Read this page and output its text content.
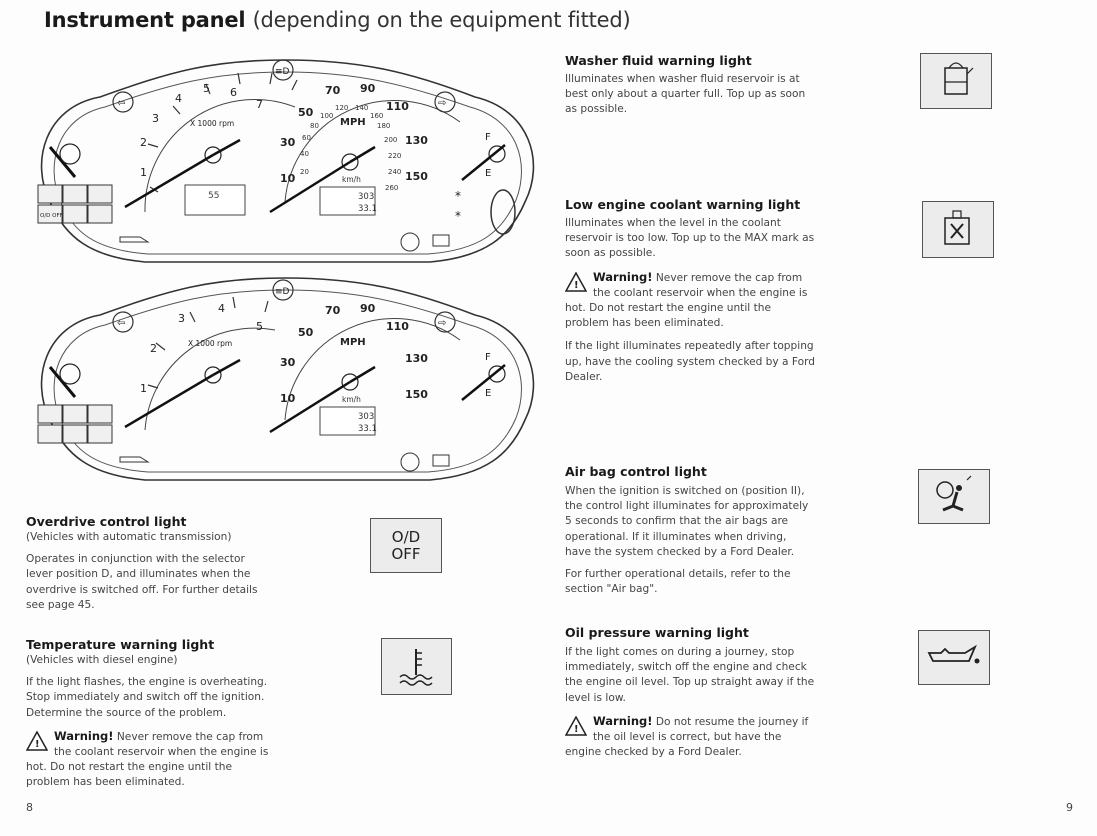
Instrument panel (depending on the equipment fitted)
1
2
3
4
5 6
7
X 1000 rpm
55
50
70 90
110
130
150
30
10 20
40
60
80
100
120 140
160
180
200
220
240
260
MPH
km/h
303
33.1
≡D
⇦	⇨
F
E
O/D OFF
*
*
1
2
3
4
5
X 1000 rpm
50
70 90
110
130
150
30
10
MPH
km/h
303
33.1
≡D
⇦	⇨
F
E
Overdrive control light

(Vehicles with automatic transmission)

Operates in conjunction with the selector lever position D, and illuminates when the overdrive is switched off. For further details see page 45.

O/D
OFF
Temperature warning light

(Vehicles with diesel engine)

If the light flashes, the engine is overheating. Stop immediately and switch off the ignition. Determine the source of the problem.

!
Warning! Never remove the cap from the coolant reservoir when the engine is hot. Do not restart the engine until the problem has been eliminated.
Washer fluid warning light

Illuminates when washer fluid reservoir is at best only about a quarter full. Top up as soon as possible.

Low engine coolant warning light

Illuminates when the level in the coolant reservoir is too low. Top up to the MAX mark as soon as possible.

!
Warning! Never remove the cap from the coolant reservoir when the engine is hot. Do not restart the engine until the problem has been eliminated.

If the light illuminates repeatedly after topping up, have the cooling system checked by a Ford Dealer.

Air bag control light

When the ignition is switched on (position II), the control light illuminates for approximately 5 seconds to confirm that the air bags are operational. If it illuminates when driving, have the system checked by a Ford Dealer.

For further operational details, refer to the section "Air bag".

Oil pressure warning light

If the light comes on during a journey, stop immediately, switch off the engine and check the engine oil level. Top up straight away if the level is low.

!
Warning! Do not resume the journey if the oil level is correct, but have the engine checked by a Ford Dealer.
8	9
